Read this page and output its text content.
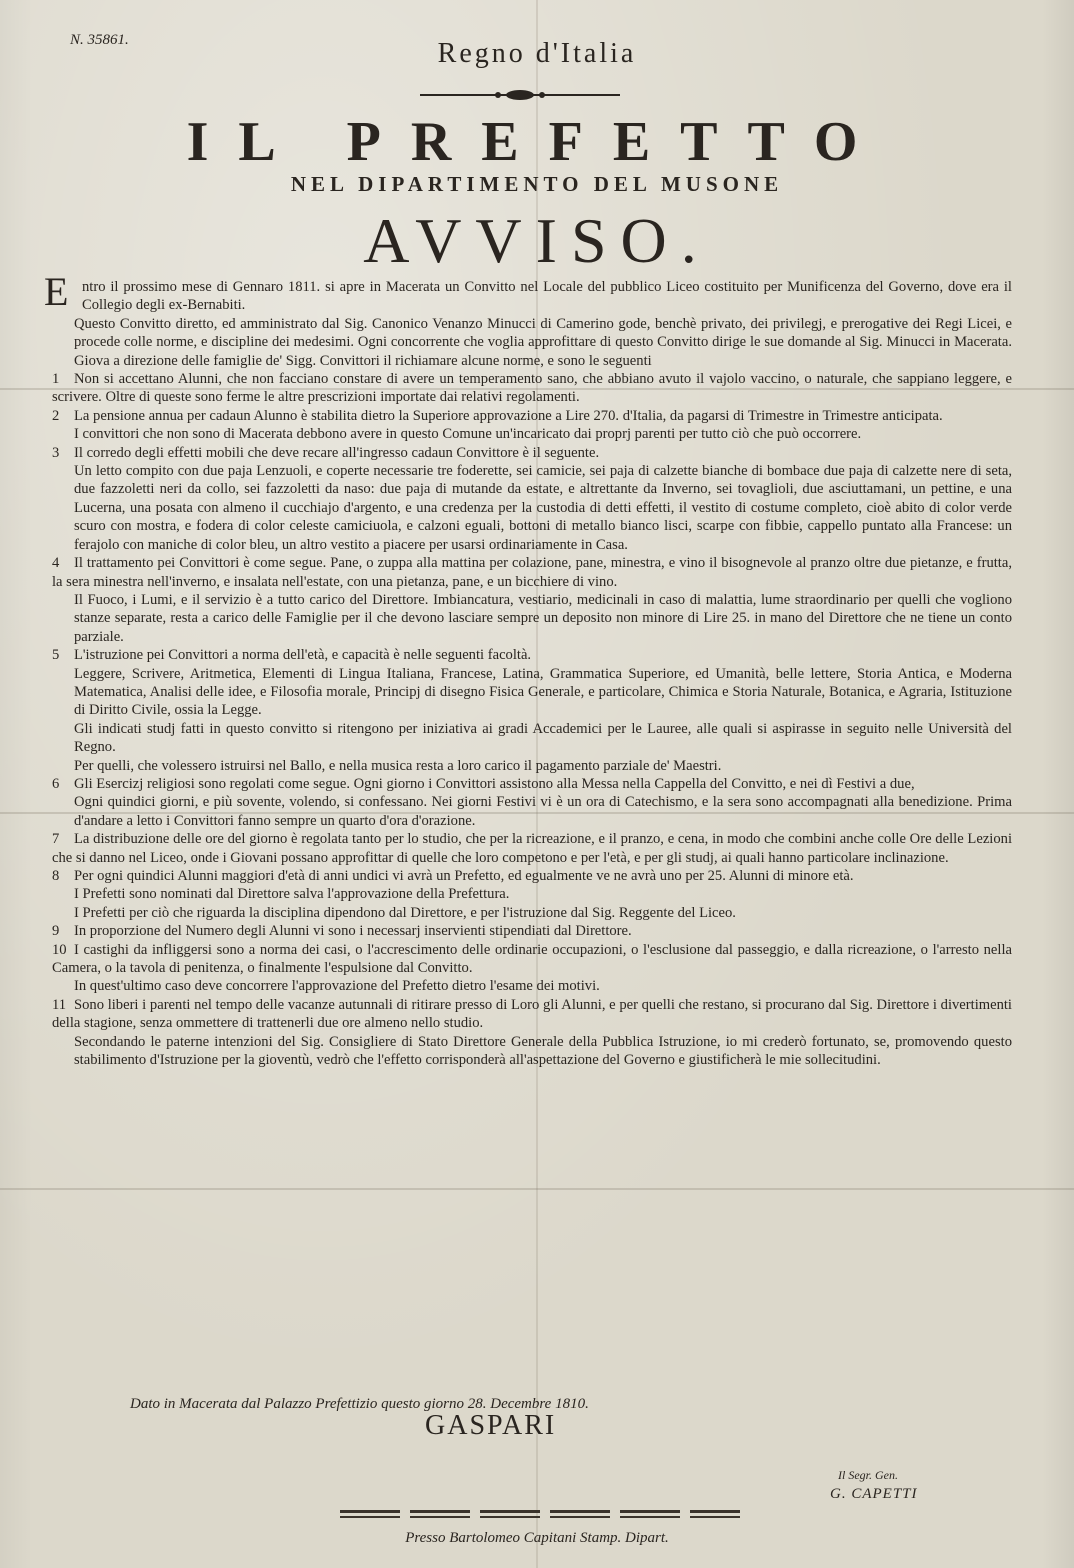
N. 35861.	Regno d'Italia
IL PREFETTO
NEL DIPARTIMENTO DEL MUSONE
AVVISO.

E ntro il prossimo mese di Gennaro 1811. si apre in Macerata un Convitto nel Locale del pubblico Liceo costituito per Munificenza del Governo, dove era il Collegio degli ex-Bernabiti.

Questo Convitto diretto, ed amministrato dal Sig. Canonico Venanzo Minucci di Camerino gode, benchè privato, dei privilegj, e prerogative dei Regi Licei, e procede colle norme, e discipline dei medesimi. Ogni concorrente che voglia approfittare di questo Convitto dirige le sue domande al Sig. Minucci in Macerata. Giova a direzione delle famiglie de' Sigg. Convittori il richiamare alcune norme, e sono le seguenti

1 Non si accettano Alunni, che non facciano constare di avere un temperamento sano, che abbiano avuto il vajolo vaccino, o naturale, che sappiano leggere, e scrivere. Oltre di queste sono ferme le altre prescrizioni importate dai relativi regolamenti.

2 La pensione annua per cadaun Alunno è stabilita dietro la Superiore approvazione a Lire 270. d'Italia, da pagarsi di Trimestre in Trimestre anticipata.

I convittori che non sono di Macerata debbono avere in questo Comune un'incaricato dai proprj parenti per tutto ciò che può occorrere.

3 Il corredo degli effetti mobili che deve recare all'ingresso cadaun Convittore è il seguente.

Un letto compito con due paja Lenzuoli, e coperte necessarie tre foderette, sei camicie, sei paja di calzette bianche di bombace due paja di calzette nere di seta, due fazzoletti neri da collo, sei fazzoletti da naso: due paja di mutande da estate, e altrettante da Inverno, sei tovaglioli, due asciuttamani, un pettine, e una Lucerna, una posata con almeno il cucchiajo d'argento, e una credenza per la custodia di detti effetti, il vestito di costume completo, cioè abito di color verde scuro con mostra, e fodera di color celeste camiciuola, e calzoni eguali, bottoni di metallo bianco lisci, scarpe con fibbie, cappello puntato alla Francese: un ferajolo con maniche di color bleu, un altro vestito a piacere per usarsi ordinariamente in Casa.

4 Il trattamento pei Convittori è come segue. Pane, o zuppa alla mattina per colazione, pane, minestra, e vino il bisognevole al pranzo oltre due pietanze, e frutta, la sera minestra nell'inverno, e insalata nell'estate, con una pietanza, pane, e un bicchiere di vino.

Il Fuoco, i Lumi, e il servizio è a tutto carico del Direttore. Imbiancatura, vestiario, medicinali in caso di malattia, lume straordinario per quelli che vogliono stanze separate, resta a carico delle Famiglie per il che devono lasciare sempre un deposito non minore di Lire 25. in mano del Direttore che ne tiene un conto parziale.

5 L'istruzione pei Convittori a norma dell'età, e capacità è nelle seguenti facoltà.

Leggere, Scrivere, Aritmetica, Elementi di Lingua Italiana, Francese, Latina, Grammatica Superiore, ed Umanità, belle lettere, Storia Antica, e Moderna Matematica, Analisi delle idee, e Filosofia morale, Principj di disegno Fisica Generale, e particolare, Chimica e Storia Naturale, Botanica, e Agraria, Istituzione di Diritto Civile, ossia la Legge.

Gli indicati studj fatti in questo convitto si ritengono per iniziativa ai gradi Accademici per le Lauree, alle quali si aspirasse in seguito nelle Università del Regno.

Per quelli, che volessero istruirsi nel Ballo, e nella musica resta a loro carico il pagamento parziale de' Maestri.

6 Gli Esercizj religiosi sono regolati come segue. Ogni giorno i Convittori assistono alla Messa nella Cappella del Convitto, e nei dì Festivi a due,

Ogni quindici giorni, e più sovente, volendo, si confessano. Nei giorni Festivi vi è un ora di Catechismo, e la sera sono accompagnati alla benedizione. Prima d'andare a letto i Convittori fanno sempre un quarto d'ora d'orazione.

7 La distribuzione delle ore del giorno è regolata tanto per lo studio, che per la ricreazione, e il pranzo, e cena, in modo che combini anche colle Ore delle Lezioni che si danno nel Liceo, onde i Giovani possano approfittar di quelle che loro competono e per l'età, e per gli studj, ai quali hanno particolare inclinazione.

8 Per ogni quindici Alunni maggiori d'età di anni undici vi avrà un Prefetto, ed egualmente ve ne avrà uno per 25. Alunni di minore età.

I Prefetti sono nominati dal Direttore salva l'approvazione della Prefettura.

I Prefetti per ciò che riguarda la disciplina dipendono dal Direttore, e per l'istruzione dal Sig. Reggente del Liceo.

9 In proporzione del Numero degli Alunni vi sono i necessarj inservienti stipendiati dal Direttore.

10 I castighi da infliggersi sono a norma dei casi, o l'accrescimento delle ordinarie occupazioni, o l'esclusione dal passeggio, e dalla ricreazione, o l'arresto nella Camera, o la tavola di penitenza, o finalmente l'espulsione dal Convitto.

In quest'ultimo caso deve concorrere l'approvazione del Prefetto dietro l'esame dei motivi.

11 Sono liberi i parenti nel tempo delle vacanze autunnali di ritirare presso di Loro gli Alunni, e per quelli che restano, si procurano dal Sig. Direttore i divertimenti della stagione, senza ommettere di trattenerli due ore almeno nello studio.

Secondando le paterne intenzioni del Sig. Consigliere di Stato Direttore Generale della Pubblica Istruzione, io mi crederò fortunato, se, promovendo questo stabilimento d'Istruzione per la gioventù, vedrò che l'effetto corrisponderà all'aspettazione del Governo e giustificherà le mie sollecitudini.

Dato in Macerata dal Palazzo Prefettizio questo giorno 28. Decembre 1810.
GASPARI
Il Segr. Gen.
G. CAPETTI
Presso Bartolomeo Capitani Stamp. Dipart.
